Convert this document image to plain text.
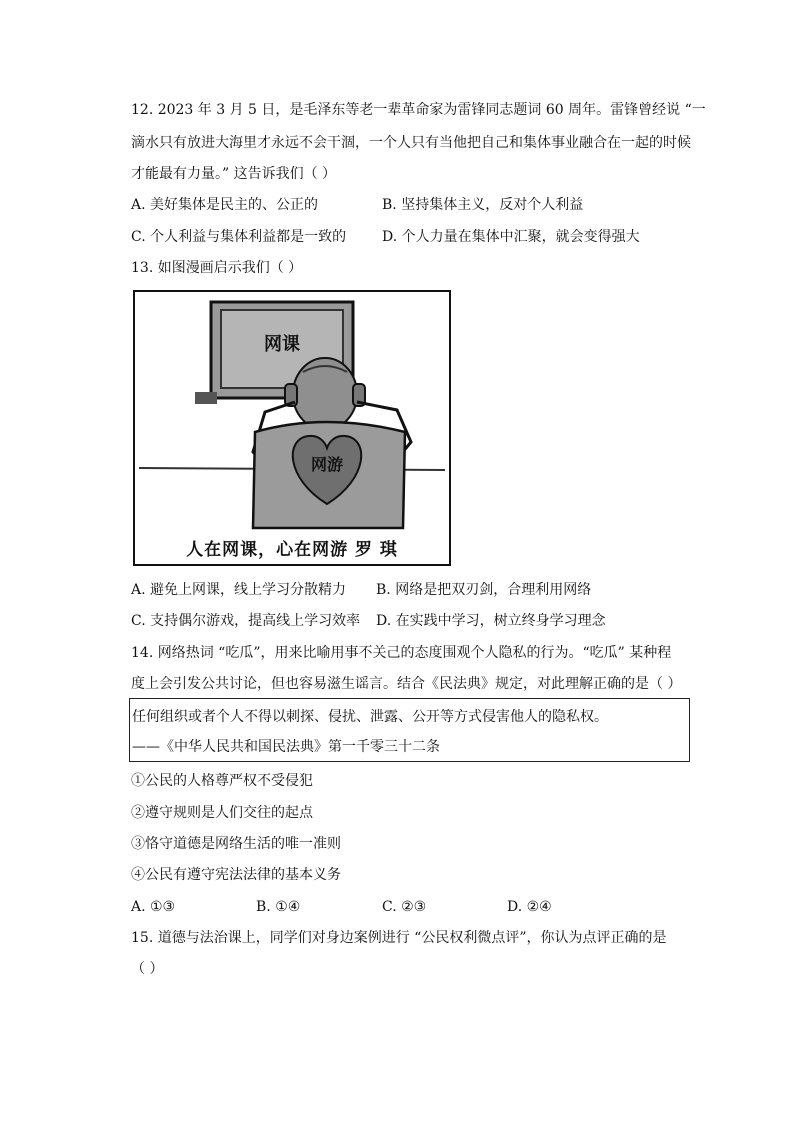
12. 2023 年 3 月 5 日，是毛泽东等老一辈革命家为雷锋同志题词 60 周年。雷锋曾经说 “一
滴水只有放进大海里才永远不会干涸，一个人只有当他把自己和集体事业融合在一起的时候
才能最有力量。” 这告诉我们（ ）
A. 美好集体是民主的、公正的	B. 坚持集体主义，反对个人利益
C. 个人利益与集体利益都是一致的	D. 个人力量在集体中汇聚，就会变得强大
13. 如图漫画启示我们（ ）
网课
网游
人在网课，心在网游 罗 琪
A. 避免上网课，线上学习分散精力 B. 网络是把双刃剑，合理利用网络
C. 支持偶尔游戏，提高线上学习效率 D. 在实践中学习，树立终身学习理念
14. 网络热词 “吃瓜”，用来比喻用事不关己的态度围观个人隐私的行为。“吃瓜” 某种程
度上会引发公共讨论，但也容易滋生谣言。结合《民法典》规定，对此理解正确的是（ ）
任何组织或者个人不得以刺探、侵扰、泄露、公开等方式侵害他人的隐私权。
——《中华人民共和国民法典》第一千零三十二条
①公民的人格尊严权不受侵犯
②遵守规则是人们交往的起点
③恪守道德是网络生活的唯一准则
④公民有遵守宪法法律的基本义务
A. ①③	B. ①④	C. ②③	D. ②④
15. 道德与法治课上，同学们对身边案例进行 “公民权利微点评”，你认为点评正确的是
（ ）
